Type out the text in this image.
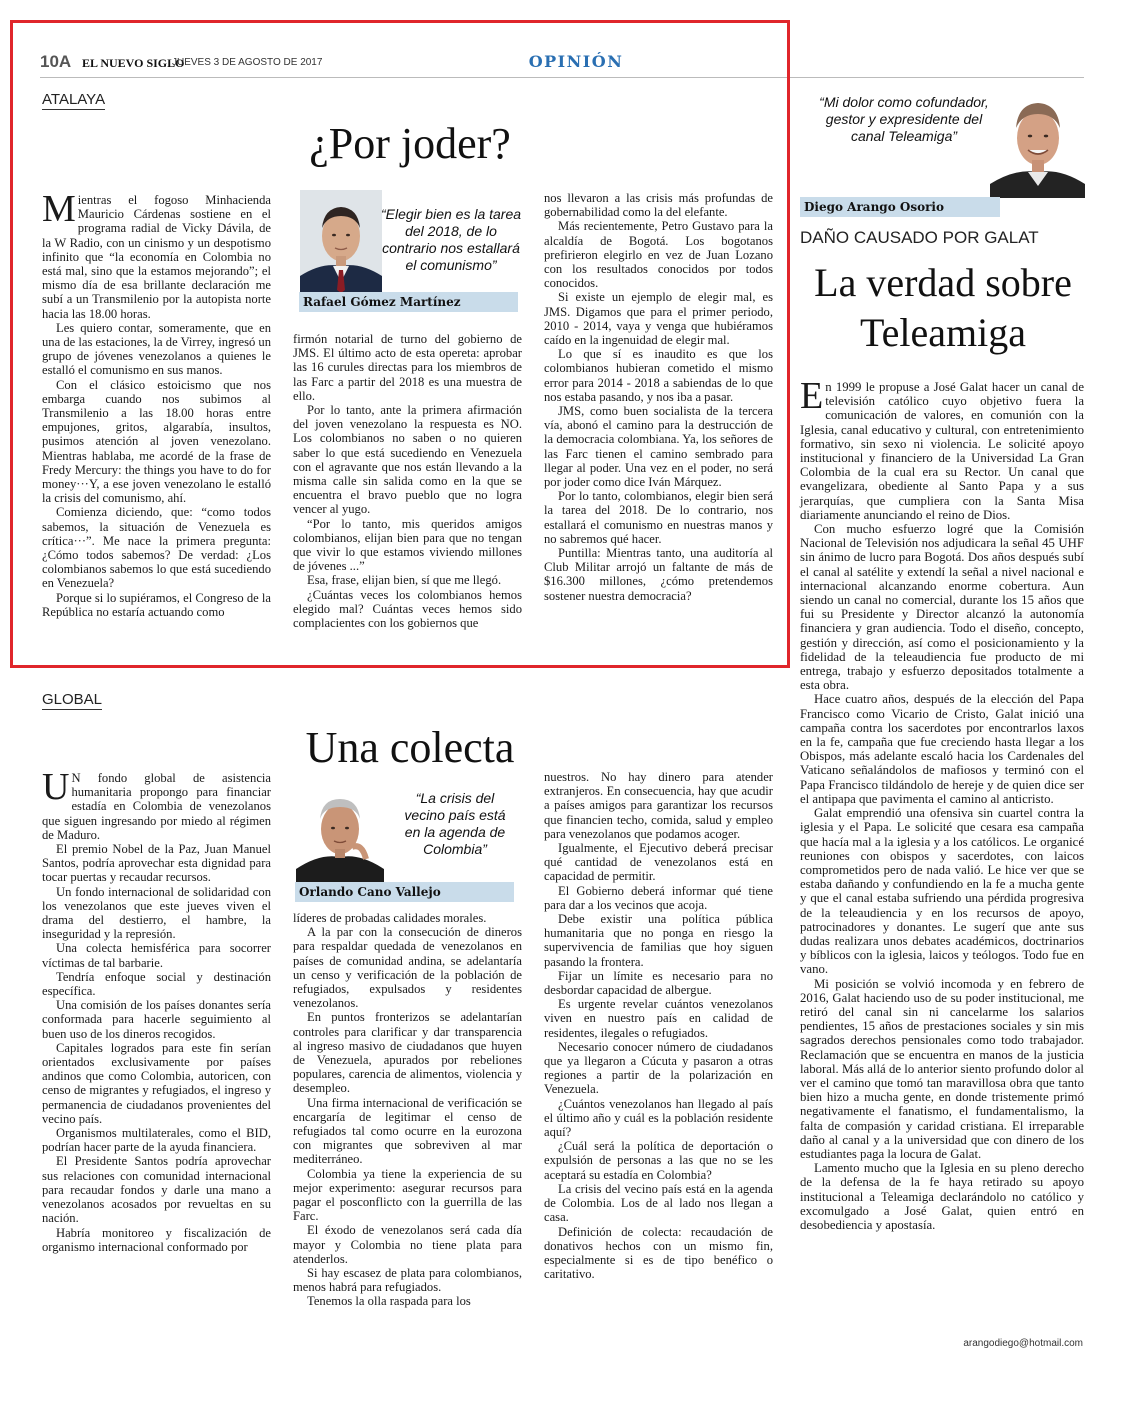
10A EL NUEVO SIGLO
JUEVES 3 DE AGOSTO DE 2017	OPINIÓN
ATALAYA
¿Por joder?
“Elegir bien es la tarea del 2018, de lo contrario nos estallará el comunismo”
Rafael Gómez Martínez

Mientras el fogoso Minhacienda Mauricio Cárdenas sostiene en el programa radial de Vicky Dávila, de la W Radio, con un cinismo y un despotismo infinito que “la economía en Colombia no está mal, sino que la estamos mejorando”; el mismo día de esa brillante declaración me subí a un Transmilenio por la autopista norte hacia las 18.00 horas.

Les quiero contar, someramente, que en una de las estaciones, la de Virrey, ingresó un grupo de jóvenes venezolanos a quienes le estalló el comunismo en sus manos.

Con el clásico estoicismo que nos embarga cuando nos subimos al Transmilenio a las 18.00 horas entre empujones, gritos, algarabía, insultos, pusimos atención al joven venezolano. Mientras hablaba, me acordé de la frase de Fredy Mercury: the things you have to do for money···Y, a ese joven venezolano le estalló la crisis del comunismo, ahí.

Comienza diciendo, que: “como todos sabemos, la situación de Venezuela es crítica···”. Me nace la primera pregunta: ¿Cómo todos sabemos? De verdad: ¿Los colombianos sabemos lo que está sucediendo en Venezuela?

Porque si lo supiéramos, el Congreso de la República no estaría actuando como

firmón notarial de turno del gobierno de JMS. El último acto de esta opereta: aprobar las 16 curules directas para los miembros de las Farc a partir del 2018 es una muestra de ello.

Por lo tanto, ante la primera afirmación del joven venezolano la respuesta es NO. Los colombianos no saben o no quieren saber lo que está sucediendo en Venezuela con el agravante que nos están llevando a la misma calle sin salida como en la que se encuentra el bravo pueblo que no logra vencer al yugo.

“Por lo tanto, mis queridos amigos colombianos, elijan bien para que no tengan que vivir lo que estamos viviendo millones de jóvenes ...”

Esa, frase, elijan bien, sí que me llegó.

¿Cuántas veces los colombianos hemos elegido mal? Cuántas veces hemos sido complacientes con los gobiernos que

nos llevaron a las crisis más profundas de gobernabilidad como la del elefante.

Más recientemente, Petro Gustavo para la alcaldía de Bogotá. Los bogotanos prefirieron elegirlo en vez de Juan Lozano con los resultados conocidos por todos conocidos.

Si existe un ejemplo de elegir mal, es JMS. Digamos que para el primer periodo, 2010 - 2014, vaya y venga que hubiéramos caído en la ingenuidad de elegir mal.

Lo que sí es inaudito es que los colombianos hubieran cometido el mismo error para 2014 - 2018 a sabiendas de lo que nos estaba pasando, y nos iba a pasar.

JMS, como buen socialista de la tercera vía, abonó el camino para la destrucción de la democracia colombiana. Ya, los señores de las Farc tienen el camino sembrado para llegar al poder. Una vez en el poder, no será por joder como dice Iván Márquez.

Por lo tanto, colombianos, elegir bien será la tarea del 2018. De lo contrario, nos estallará el comunismo en nuestras manos y no sabremos qué hacer.

Puntilla: Mientras tanto, una auditoría al Club Militar arrojó un faltante de más de $16.300 millones, ¿cómo pretendemos sostener nuestra democracia?

GLOBAL
Una colecta
“La crisis del vecino país está en la agenda de Colombia”
Orlando Cano Vallejo

U N fondo global de asistencia humanitaria propongo para financiar estadía en Colombia de venezolanos que siguen ingresando por miedo al régimen de Maduro.

El premio Nobel de la Paz, Juan Manuel Santos, podría aprovechar esta dignidad para tocar puertas y recaudar recursos.

Un fondo internacional de solidaridad con los venezolanos que este jueves viven el drama del destierro, el hambre, la inseguridad y la represión.

Una colecta hemisférica para socorrer víctimas de tal barbarie.

Tendría enfoque social y destinación específica.

Una comisión de los países donantes sería conformada para hacerle seguimiento al buen uso de los dineros recogidos.

Capitales logrados para este fin serían orientados exclusivamente por países andinos que como Colombia, autoricen, con censo de migrantes y refugiados, el ingreso y permanencia de ciudadanos provenientes del vecino país.

Organismos multilaterales, como el BID, podrían hacer parte de la ayuda financiera.

El Presidente Santos podría aprovechar sus relaciones con comunidad internacional para recaudar fondos y darle una mano a venezolanos acosados por revueltas en su nación.

Habría monitoreo y fiscalización de organismo internacional conformado por

líderes de probadas calidades morales.

A la par con la consecución de dineros para respaldar quedada de venezolanos en países de comunidad andina, se adelantaría un censo y verificación de la población de refugiados, expulsados y residentes venezolanos.

En puntos fronterizos se adelantarían controles para clarificar y dar transparencia al ingreso masivo de ciudadanos que huyen de Venezuela, apurados por rebeliones populares, carencia de alimentos, violencia y desempleo.

Una firma internacional de verificación se encargaría de legitimar el censo de refugiados tal como ocurre en la eurozona con migrantes que sobreviven al mar mediterráneo.

Colombia ya tiene la experiencia de su mejor experimento: asegurar recursos para pagar el posconflicto con la guerrilla de las Farc.

El éxodo de venezolanos será cada día mayor y Colombia no tiene plata para atenderlos.

Si hay escasez de plata para colombianos, menos habrá para refugiados.

Tenemos la olla raspada para los

nuestros. No hay dinero para atender extranjeros. En consecuencia, hay que acudir a países amigos para garantizar los recursos que financien techo, comida, salud y empleo para venezolanos que podamos acoger.

Igualmente, el Ejecutivo deberá precisar qué cantidad de venezolanos está en capacidad de permitir.

El Gobierno deberá informar qué tiene para dar a los vecinos que acoja.

Debe existir una política pública humanitaria que no ponga en riesgo la supervivencia de familias que hoy siguen pasando la frontera.

Fijar un límite es necesario para no desbordar capacidad de albergue.

Es urgente revelar cuántos venezolanos viven en nuestro país en calidad de residentes, ilegales o refugiados.

Necesario conocer número de ciudadanos que ya llegaron a Cúcuta y pasaron a otras regiones a partir de la polarización en Venezuela.

¿Cuántos venezolanos han llegado al país el último año y cuál es la población residente aquí?

¿Cuál será la política de deportación o expulsión de personas a las que no se les aceptará su estadía en Colombia?

La crisis del vecino país está en la agenda de Colombia. Los de al lado nos llegan a casa.

Definición de colecta: recaudación de donativos hechos con un mismo fin, especialmente si es de tipo benéfico o caritativo.

“Mi dolor como cofundador, gestor y expresidente del canal Teleamiga”
Diego Arango Osorio
DAÑO CAUSADO POR GALAT
La verdad sobre Teleamiga

En 1999 le propuse a José Galat hacer un canal de televisión católico cuyo objetivo fuera la comunicación de valores, en comunión con la Iglesia, canal educativo y cultural, con entretenimiento formativo, sin sexo ni violencia. Le solicité apoyo institucional y financiero de la Universidad La Gran Colombia de la cual era su Rector. Un canal que evangelizara, obediente al Santo Papa y a sus jerarquías, que cumpliera con la Santa Misa diariamente anunciando el reino de Dios.

Con mucho esfuerzo logré que la Comisión Nacional de Televisión nos adjudicara la señal 45 UHF sin ánimo de lucro para Bogotá. Dos años después subí el canal al satélite y extendí la señal a nivel nacional e internacional alcanzando enorme cobertura. Aun siendo un canal no comercial, durante los 15 años que fui su Presidente y Director alcanzó la autonomía financiera y gran audiencia. Todo el diseño, concepto, gestión y dirección, así como el posicionamiento y la fidelidad de la teleaudiencia fue producto de mi entrega, trabajo y esfuerzo depositados totalmente a esta obra.

Hace cuatro años, después de la elección del Papa Francisco como Vicario de Cristo, Galat inició una campaña contra los sacerdotes por encontrarlos laxos en la fe, campaña que fue creciendo hasta llegar a los Obispos, más adelante escaló hacia los Cardenales del Vaticano señalándolos de mafiosos y terminó con el Papa Francisco tildándolo de hereje y de quien dice ser el antipapa que pavimenta el camino al anticristo.

Galat emprendió una ofensiva sin cuartel contra la iglesia y el Papa. Le solicité que cesara esa campaña que hacía mal a la iglesia y a los católicos. Le organicé reuniones con obispos y sacerdotes, con laicos comprometidos pero de nada valió. Le hice ver que se estaba dañando y confundiendo en la fe a mucha gente y que el canal estaba sufriendo una pérdida progresiva de la teleaudiencia y en los recursos de apoyo, patrocinadores y donantes. Le sugerí que ante sus dudas realizara unos debates académicos, doctrinarios y bíblicos con la iglesia, laicos y teólogos. Todo fue en vano.

Mi posición se volvió incomoda y en febrero de 2016, Galat haciendo uso de su poder institucional, me retiró del canal sin ni cancelarme los salarios pendientes, 15 años de prestaciones sociales y sin mis sagrados derechos pensionales como todo trabajador. Reclamación que se encuentra en manos de la justicia laboral. Más allá de lo anterior siento profundo dolor al ver el camino que tomó tan maravillosa obra que tanto bien hizo a mucha gente, en donde tristemente primó negativamente el fanatismo, el fundamentalismo, la falta de compasión y caridad cristiana. El irreparable daño al canal y a la universidad que con dinero de los estudiantes paga la locura de Galat.

Lamento mucho que la Iglesia en su pleno derecho de la defensa de la fe haya retirado su apoyo institucional a Teleamiga declarándolo no católico y excomulgado a José Galat, quien entró en desobediencia y apostasía.

arangodiego@hotmail.com
